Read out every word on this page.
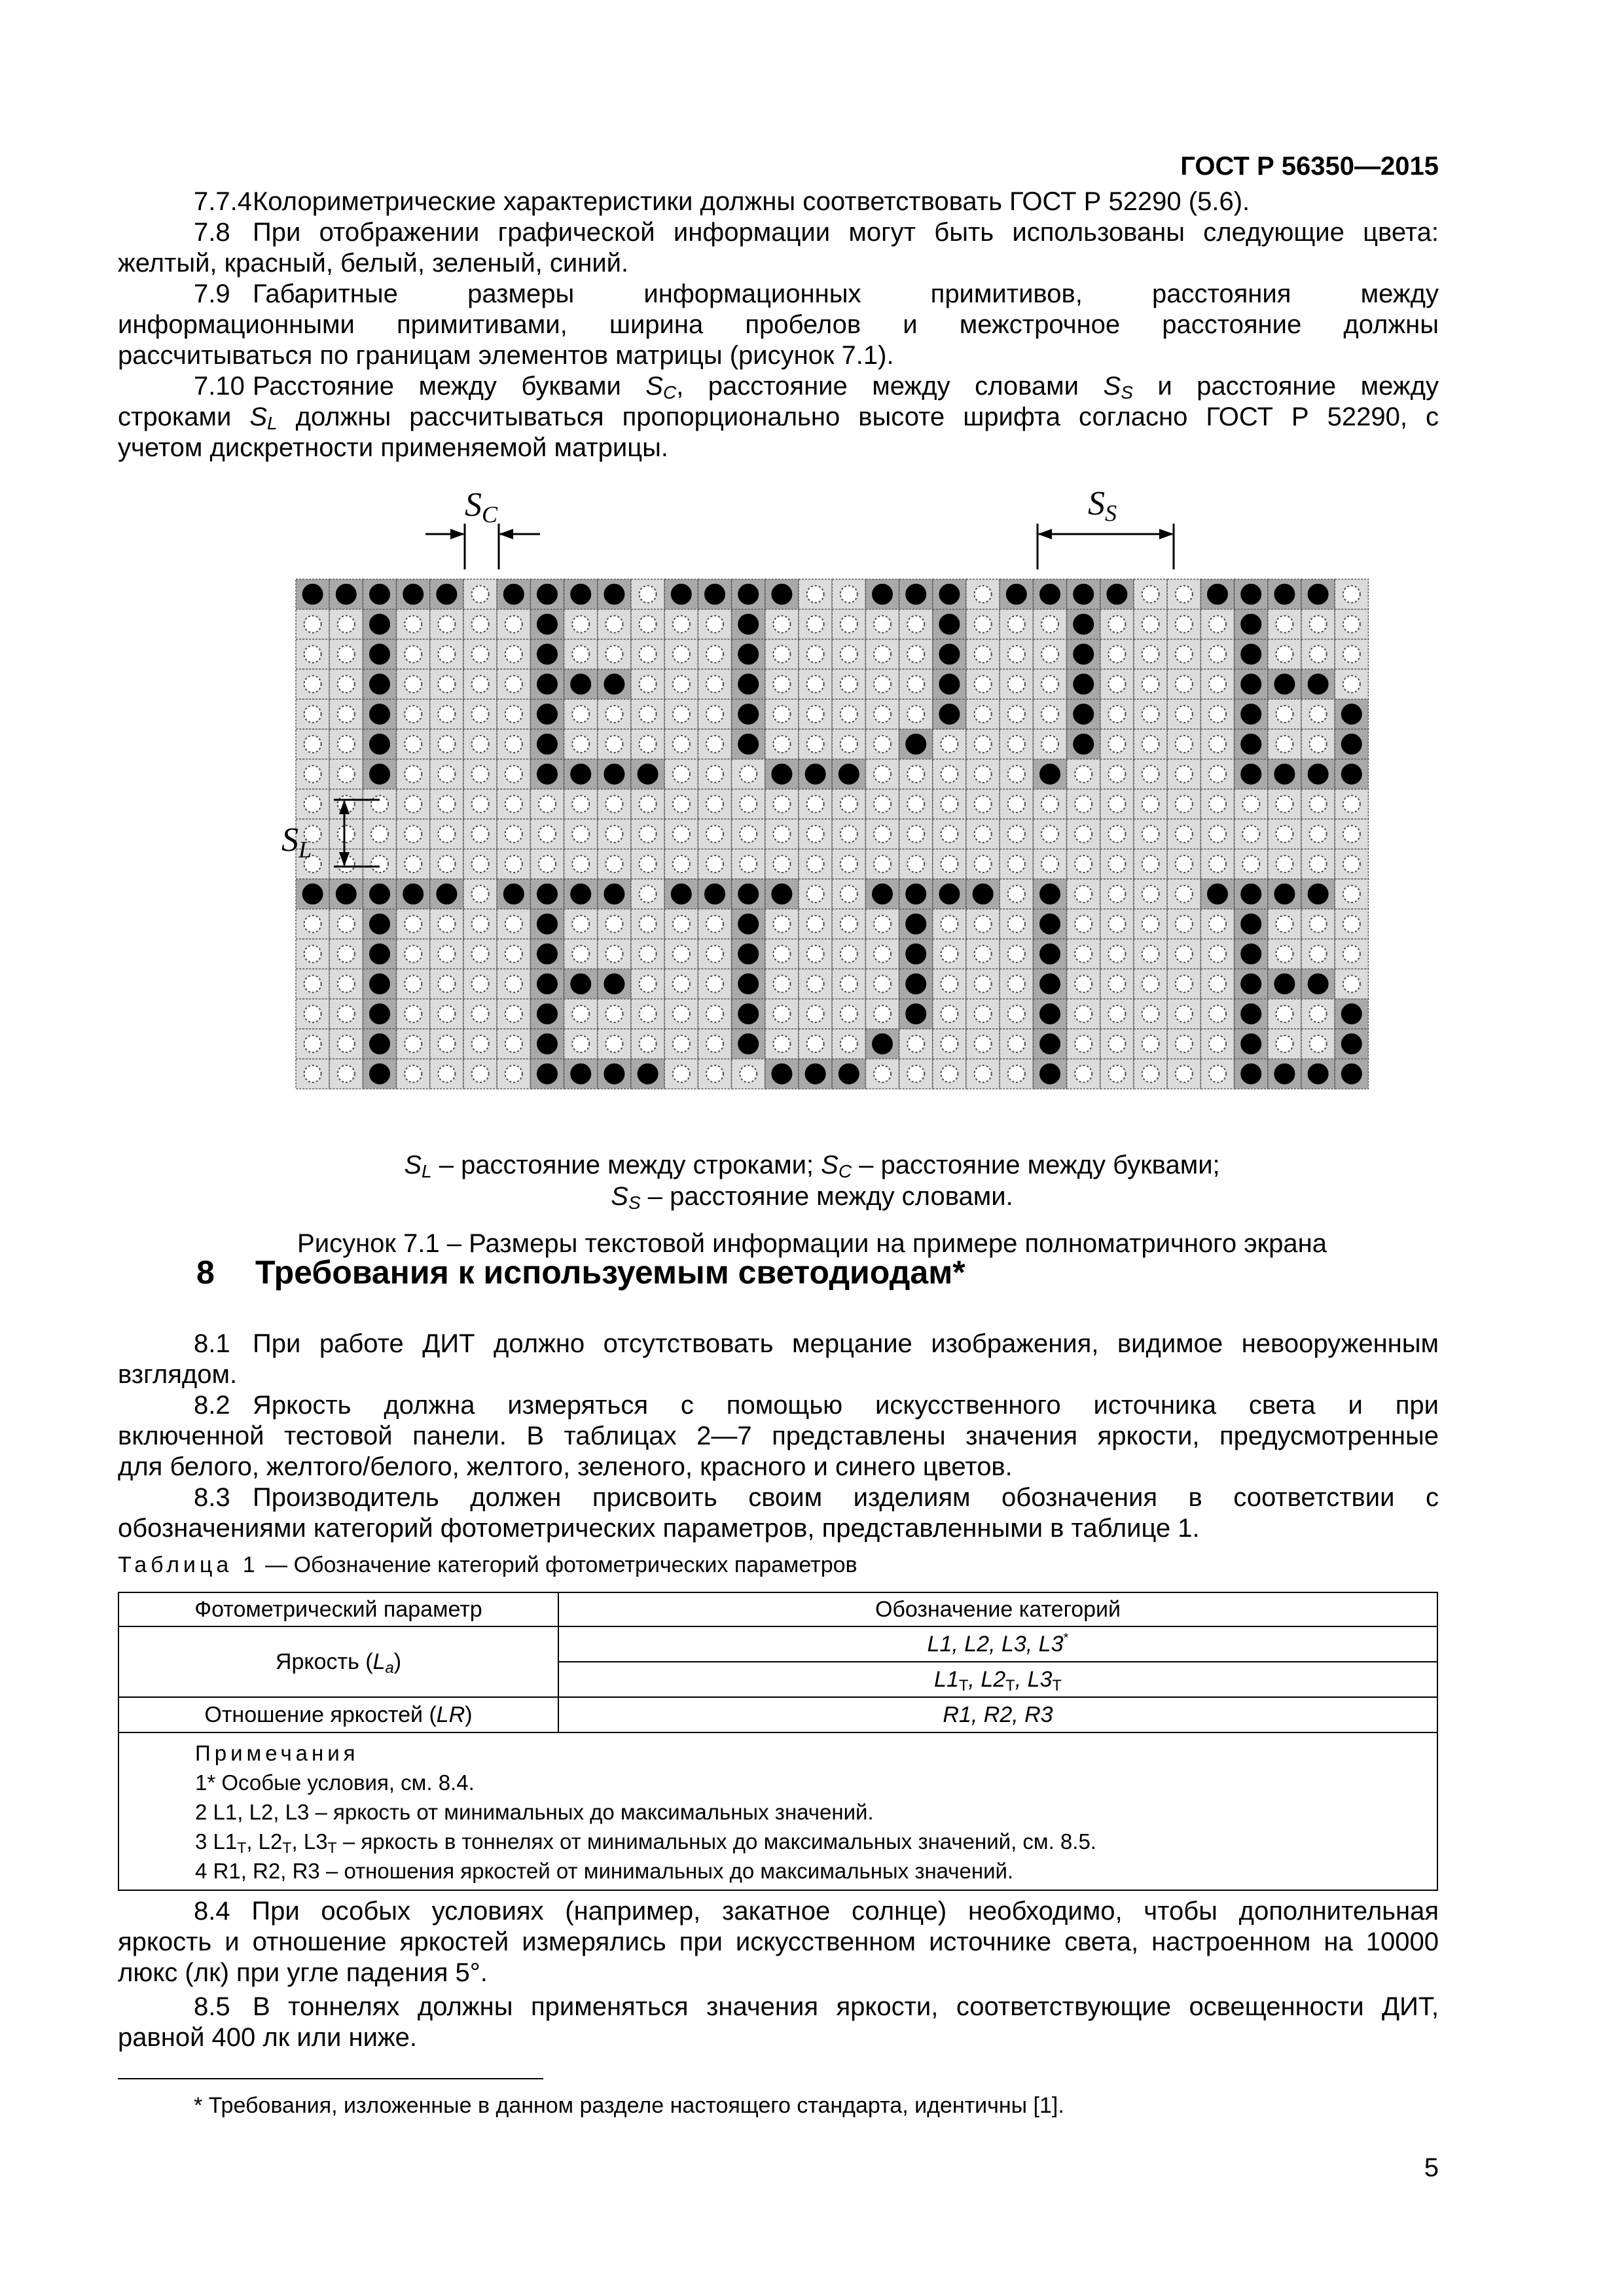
ГОСТ Р 56350—2015
7.7.4Колориметрические характеристики должны соответствовать ГОСТ Р 52290 (5.6).
7.8 При отображении графической информации могут быть использованы следующие цвета:
желтый, красный, белый, зеленый, синий.
7.9 Габаритные размеры информационных примитивов, расстояния между
информационными примитивами, ширина пробелов и межстрочное расстояние должны
рассчитываться по границам элементов матрицы (рисунок 7.1).
7.10 Расстояние между буквами $S_C$, расстояние между словами $S_S$ и расстояние между
строками $S_L$ должны рассчитываться пропорционально высоте шрифта согласно ГОСТ Р 52290, с
учетом дискретности применяемой матрицы.
SC	SS
SL
$S_L$ – расстояние между строками; $S_C$ – расстояние между буквами;
$S_S$ – расстояние между словами.
Рисунок 7.1 – Размеры текстовой информации на примере полноматричного экрана
8 Требования к используемым светодиодам*
8.1 При работе ДИТ должно отсутствовать мерцание изображения, видимое невооруженным
взглядом.
8.2 Яркость должна измеряться с помощью искусственного источника света и при
включенной тестовой панели. В таблицах 2—7 представлены значения яркости, предусмотренные
для белого, желтого/белого, желтого, зеленого, красного и синего цветов.
8.3 Производитель должен присвоить своим изделиям обозначения в соответствии с
обозначениями категорий фотометрических параметров, представленными в таблице 1.
Таблица 1 — Обозначение категорий фотометрических параметров
Фотометрический параметр	Обозначение категорий
Яркость $(L_a)$	L1, L2, L3, L3*
	$L1_T$, $L2_T$, $L3_T$
Отношение яркостей (LR)	R1, R2, R3

Примечания
1* Особые условия, см. 8.4.
2 L1, L2, L3 – яркость от минимальных до максимальных значений.
3 $L1_T$, $L2_T$, $L3_T$ – яркость в тоннелях от минимальных до максимальных значений, см. 8.5.
4 R1, R2, R3 – отношения яркостей от минимальных до максимальных значений.	
8.4 При особых условиях (например, закатное солнце) необходимо, чтобы дополнительная
яркость и отношение яркостей измерялись при искусственном источнике света, настроенном на 10000
люкс (лк) при угле падения 5°.
8.5 В тоннелях должны применяться значения яркости, соответствующие освещенности ДИТ,
равной 400 лк или ниже.
* Требования, изложенные в данном разделе настоящего стандарта, идентичны [1].
5
